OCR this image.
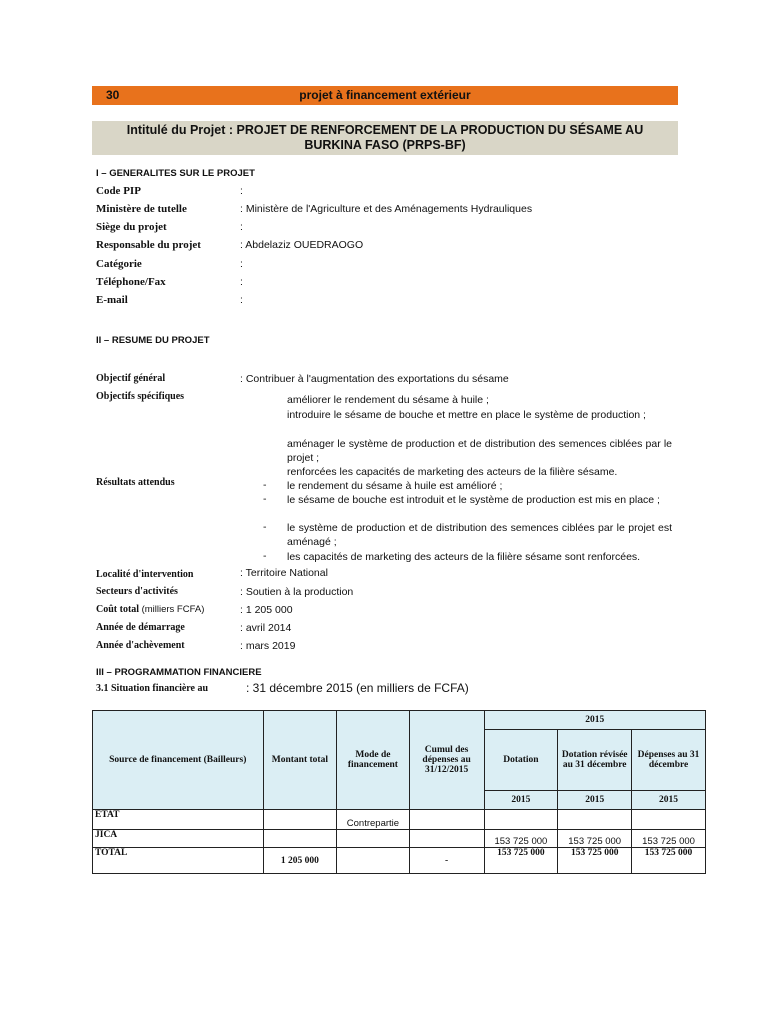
30	projet à financement extérieur
Intitulé du Projet : PROJET DE RENFORCEMENT DE LA PRODUCTION DU SÉSAME AU
BURKINA FASO (PRPS-BF)
I – GENERALITES SUR LE PROJET
Code PIP	:
Ministère de tutelle	: Ministère de l'Agriculture et des Aménagements Hydrauliques
Siège du projet	:
Responsable du projet	: Abdelaziz OUEDRAOGO
Catégorie	:
Téléphone/Fax	:
E-mail	:
II – RESUME DU PROJET
Objectif général	: Contribuer à l'augmentation des exportations du sésame
Objectifs spécifiques	améliorer le rendement du sésame à huile ;
introduire le sésame de bouche et mettre en place le système de production ;
aménager le système de production et de distribution des semences ciblées par le projet ;
renforcées les capacités de marketing des acteurs de la filière sésame.
Résultats attendus	- le rendement du sésame à huile est amélioré ;
- le sésame de bouche est introduit et le système de production est mis en place ;
- le système de production et de distribution des semences ciblées par le projet est aménagé ;
- les capacités de marketing des acteurs de la filière sésame sont renforcées.
Localité d'intervention	: Territoire National
Secteurs d'activités	: Soutien à la production
Coût total (milliers FCFA)	: 1 205 000
Année de démarrage	: avril 2014
Année d'achèvement	: mars 2019
III – PROGRAMMATION FINANCIERE
3.1 Situation financière au	: 31 décembre 2015 (en milliers de FCFA)
Source de financement (Bailleurs)	Montant total	Mode de financement	Cumul des dépenses au 31/12/2015	2015		
				Dotation	Dotation révisée au 31 décembre	Dépenses au 31 décembre
				2015	2015	2015
ETAT		Contrepartie				
JICA				153 725 000	153 725 000	153 725 000
TOTAL	1 205 000		-	153 725 000	153 725 000	153 725 000
